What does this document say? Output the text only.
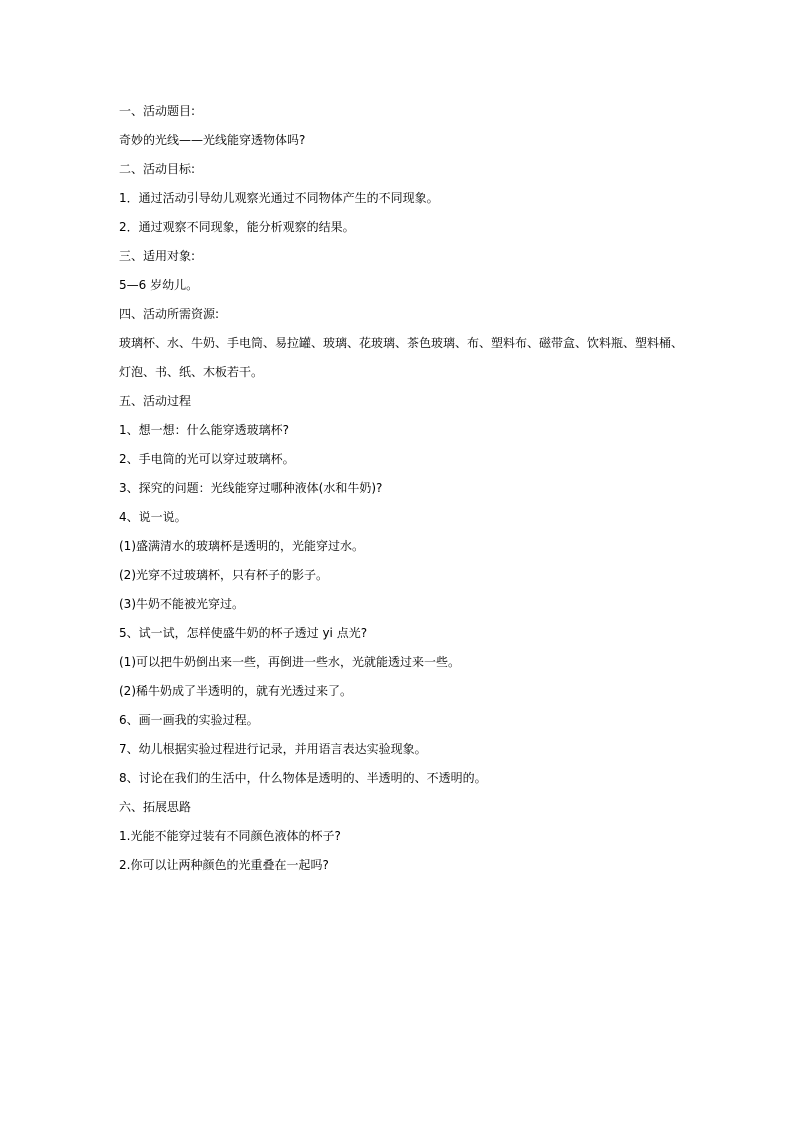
一、活动题目:
奇妙的光线——光线能穿透物体吗?
二、活动目标:
1．通过活动引导幼儿观察光通过不同物体产生的不同现象。
2．通过观察不同现象，能分析观察的结果。
三、适用对象:
5—6 岁幼儿。
四、活动所需资源:
玻璃杯、水、牛奶、手电筒、易拉罐、玻璃、花玻璃、茶色玻璃、布、塑料布、磁带盒、饮料瓶、塑料桶、
灯泡、书、纸、木板若干。
五、活动过程
1、想一想：什么能穿透玻璃杯?
2、手电筒的光可以穿过玻璃杯。
3、探究的问题：光线能穿过哪种液体(水和牛奶)?
4、说一说。
(1)盛满清水的玻璃杯是透明的，光能穿过水。
(2)光穿不过玻璃杯，只有杯子的影子。
(3)牛奶不能被光穿过。
5、试一试，怎样使盛牛奶的杯子透过 yi 点光?
(1)可以把牛奶倒出来一些，再倒进一些水，光就能透过来一些。
(2)稀牛奶成了半透明的，就有光透过来了。
6、画一画我的实验过程。
7、幼儿根据实验过程进行记录，并用语言表达实验现象。
8、讨论在我们的生活中，什么物体是透明的、半透明的、不透明的。
六、拓展思路
1.光能不能穿过装有不同颜色液体的杯子?
2.你可以让两种颜色的光重叠在一起吗?
